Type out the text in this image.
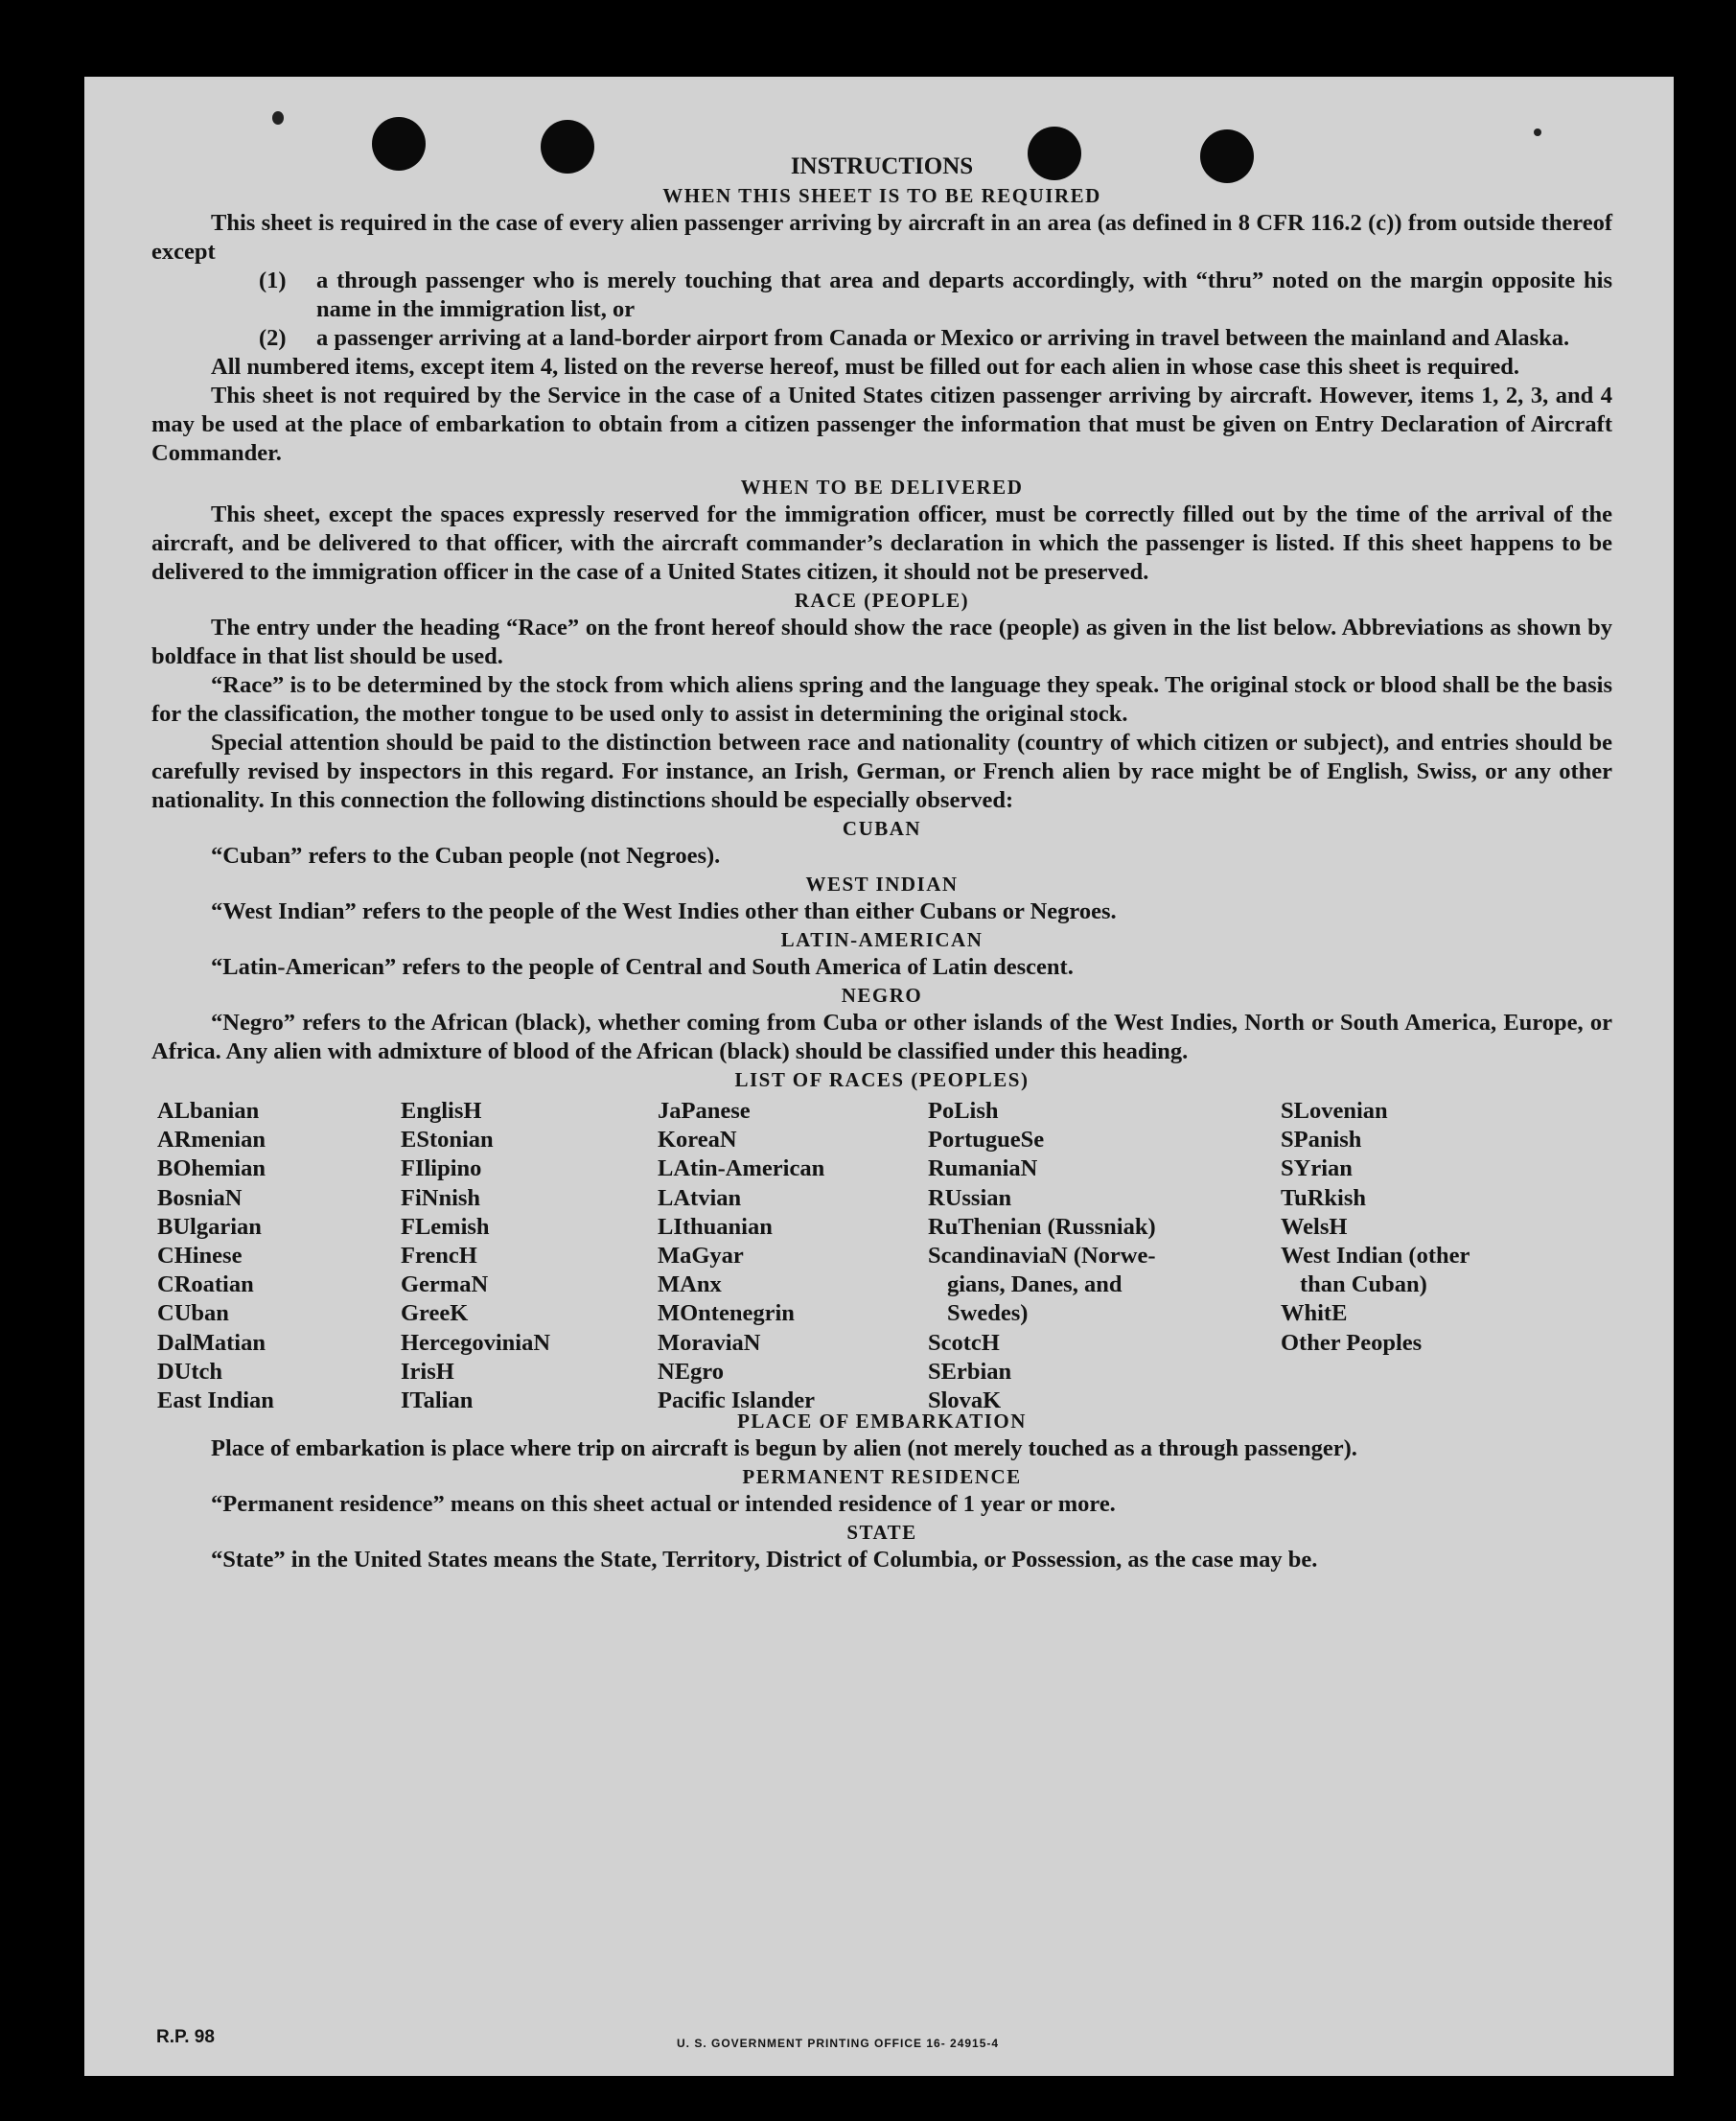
INSTRUCTIONS

WHEN THIS SHEET IS TO BE REQUIRED

This sheet is required in the case of every alien passenger arriving by aircraft in an area (as defined in 8 CFR 116.2 (c)) from outside thereof except

(1) a through passenger who is merely touching that area and departs accordingly, with “thru” noted on the margin opposite his name in the immigration list, or
(2) a passenger arriving at a land-border airport from Canada or Mexico or arriving in travel between the mainland and Alaska.

All numbered items, except item 4, listed on the reverse hereof, must be filled out for each alien in whose case this sheet is required.

This sheet is not required by the Service in the case of a United States citizen passenger arriving by aircraft. However, items 1, 2, 3, and 4 may be used at the place of embarkation to obtain from a citizen passenger the information that must be given on Entry Declaration of Aircraft Commander.

WHEN TO BE DELIVERED

This sheet, except the spaces expressly reserved for the immigration officer, must be correctly filled out by the time of the arrival of the aircraft, and be delivered to that officer, with the aircraft commander’s declaration in which the passenger is listed. If this sheet happens to be delivered to the immigration officer in the case of a United States citizen, it should not be preserved.

RACE (PEOPLE)

The entry under the heading “Race” on the front hereof should show the race (people) as given in the list below. Abbreviations as shown by boldface in that list should be used.

“Race” is to be determined by the stock from which aliens spring and the language they speak. The original stock or blood shall be the basis for the classification, the mother tongue to be used only to assist in determining the original stock.

Special attention should be paid to the distinction between race and nationality (country of which citizen or subject), and entries should be carefully revised by inspectors in this regard. For instance, an Irish, German, or French alien by race might be of English, Swiss, or any other nationality. In this connection the following distinctions should be especially observed:

CUBAN

“Cuban” refers to the Cuban people (not Negroes).

WEST INDIAN

“West Indian” refers to the people of the West Indies other than either Cubans or Negroes.

LATIN-AMERICAN

“Latin-American” refers to the people of Central and South America of Latin descent.

NEGRO

“Negro” refers to the African (black), whether coming from Cuba or other islands of the West Indies, North or South America, Europe, or Africa. Any alien with admixture of blood of the African (black) should be classified under this heading.

LIST OF RACES (PEOPLES)

ALbanian
ARmenian
BOhemian
BosniaN
BUlgarian
CHinese
CRoatian
CUban
DalMatian
DUtch
East Indian
EnglisH
EStonian
FIlipino
FiNnish
FLemish
FrencH
GermaN
GreeK
HercegoviniaN
IrisH
ITalian
JaPanese
KoreaN
LAtin-American
LAtvian
LIthuanian
MaGyar
MAnx
MOntenegrin
MoraviaN
NEgro
Pacific Islander
PoLish
PortugueSe
RumaniaN
RUssian
RuThenian (Russniak)
ScandinaviaN (Norwe-
gians, Danes, and
Swedes)
ScotcH
SErbian
SlovaK
SLovenian
SPanish
SYrian
TuRkish
WelsH
West Indian (other
than Cuban)
WhitE
Other Peoples

PLACE OF EMBARKATION

Place of embarkation is place where trip on aircraft is begun by alien (not merely touched as a through passenger).

PERMANENT RESIDENCE

“Permanent residence” means on this sheet actual or intended residence of 1 year or more.

STATE

“State” in the United States means the State, Territory, District of Columbia, or Possession, as the case may be.

R.P. 98	U. S. GOVERNMENT PRINTING OFFICE 16- 24915-4
